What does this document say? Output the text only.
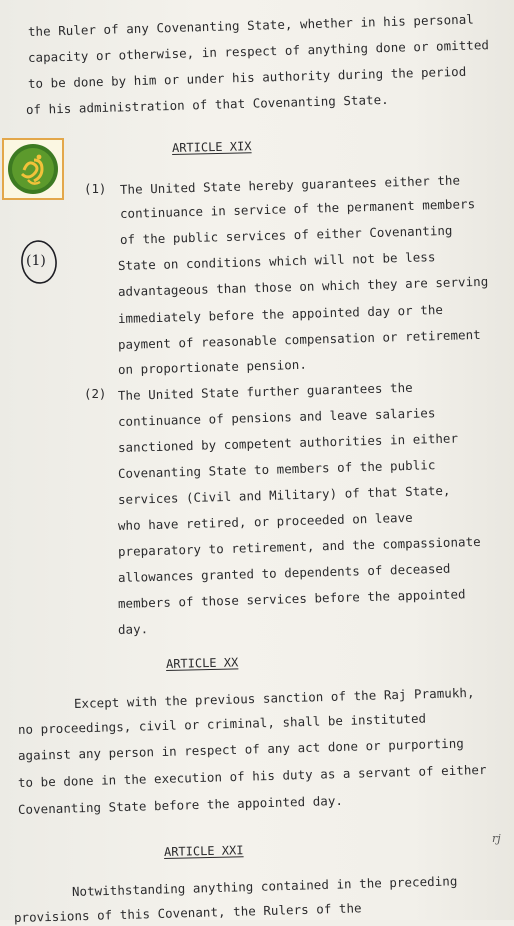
the Ruler of any Covenanting State, whether in his personal
capacity or otherwise, in respect of anything done or omitted
to be done by him or under his authority during the period
of his administration of that Covenanting State.
ARTICLE XIX
(1) The United State hereby guarantees either the
continuance in service of the permanent members
of the public services of either Covenanting
State on conditions which will not be less
advantageous than those on which they are serving
immediately before the appointed day or the
payment of reasonable compensation or retirement
on proportionate pension.
(1)
(2) The United State further guarantees the
continuance of pensions and leave salaries
sanctioned by competent authorities in either
Covenanting State to members of the public
services (Civil and Military) of that State,
who have retired, or proceeded on leave
preparatory to retirement, and the compassionate
allowances granted to dependents of deceased
members of those services before the appointed
day.
ARTICLE XX
Except with the previous sanction of the Raj Pramukh,
no proceedings, civil or criminal, shall be instituted
against any person in respect of any act done or purporting
to be done in the execution of his duty as a servant of either
Covenanting State before the appointed day.
ARTICLE XXI
rj
Notwithstanding anything contained in the preceding
provisions of this Covenant, the Rulers of the
